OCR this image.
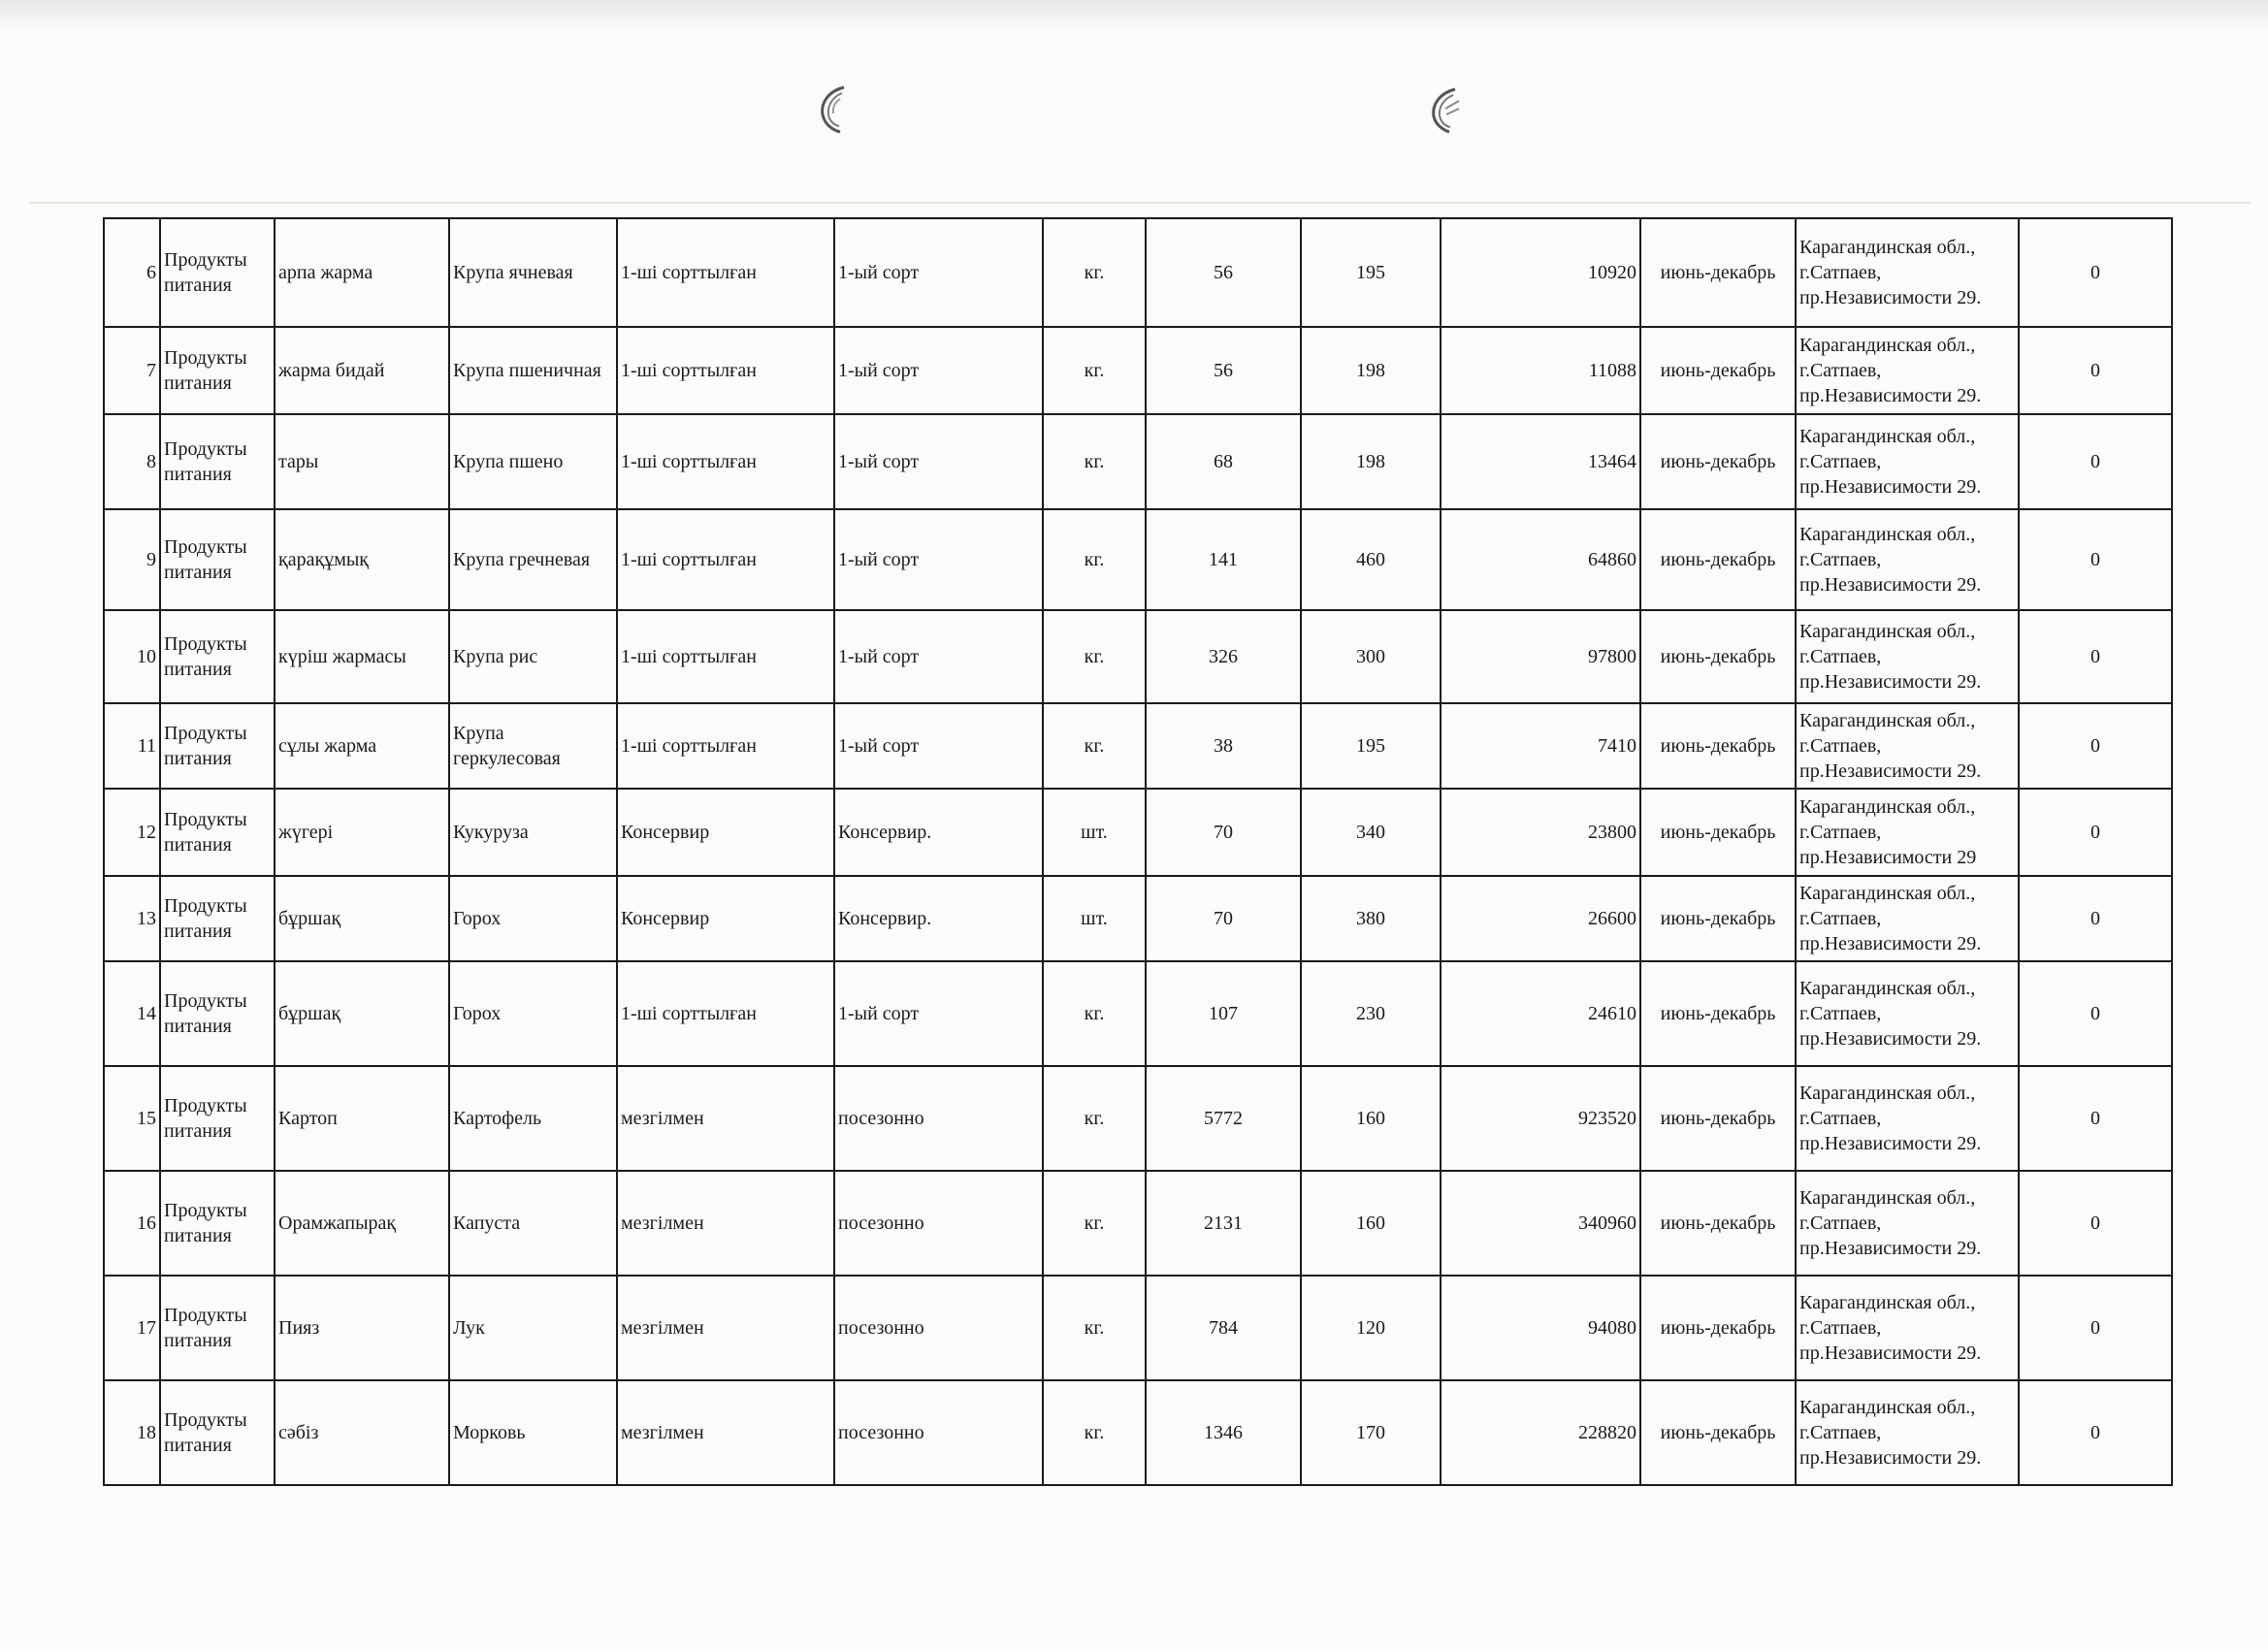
6	Продукты питания	арпа жарма	Крупа ячневая	1-ші сорттылған	1-ый сорт	кг.	56	195	10920	июнь-декабрь	Карагандинская обл., г.Сатпаев, пр.Независимости 29.	0
7	Продукты питания	жарма бидай	Крупа пшеничная	1-ші сорттылған	1-ый сорт	кг.	56	198	11088	июнь-декабрь	Карагандинская обл., г.Сатпаев, пр.Независимости 29.	0
8	Продукты питания	тары	Крупа пшено	1-ші сорттылған	1-ый сорт	кг.	68	198	13464	июнь-декабрь	Карагандинская обл., г.Сатпаев, пр.Независимости 29.	0
9	Продукты питания	қарақұмық	Крупа гречневая	1-ші сорттылған	1-ый сорт	кг.	141	460	64860	июнь-декабрь	Карагандинская обл., г.Сатпаев, пр.Независимости 29.	0
10	Продукты питания	күріш жармасы	Крупа рис	1-ші сорттылған	1-ый сорт	кг.	326	300	97800	июнь-декабрь	Карагандинская обл., г.Сатпаев, пр.Независимости 29.	0
11	Продукты питания	сұлы жарма	Крупа геркулесовая	1-ші сорттылған	1-ый сорт	кг.	38	195	7410	июнь-декабрь	Карагандинская обл., г.Сатпаев, пр.Независимости 29.	0
12	Продукты питания	жүгері	Кукуруза	Консервир	Консервир.	шт.	70	340	23800	июнь-декабрь	Карагандинская обл., г.Сатпаев, пр.Независимости 29	0
13	Продукты питания	бұршақ	Горох	Консервир	Консервир.	шт.	70	380	26600	июнь-декабрь	Карагандинская обл., г.Сатпаев, пр.Независимости 29.	0
14	Продукты питания	бұршақ	Горох	1-ші сорттылған	1-ый сорт	кг.	107	230	24610	июнь-декабрь	Карагандинская обл., г.Сатпаев, пр.Независимости 29.	0
15	Продукты питания	Картоп	Картофель	мезгілмен	посезонно	кг.	5772	160	923520	июнь-декабрь	Карагандинская обл., г.Сатпаев, пр.Независимости 29.	0
16	Продукты питания	Орамжапырақ	Капуста	мезгілмен	посезонно	кг.	2131	160	340960	июнь-декабрь	Карагандинская обл., г.Сатпаев, пр.Независимости 29.	0
17	Продукты питания	Пияз	Лук	мезгілмен	посезонно	кг.	784	120	94080	июнь-декабрь	Карагандинская обл., г.Сатпаев, пр.Независимости 29.	0
18	Продукты питания	сәбіз	Морковь	мезгілмен	посезонно	кг.	1346	170	228820	июнь-декабрь	Карагандинская обл., г.Сатпаев, пр.Независимости 29.	0
